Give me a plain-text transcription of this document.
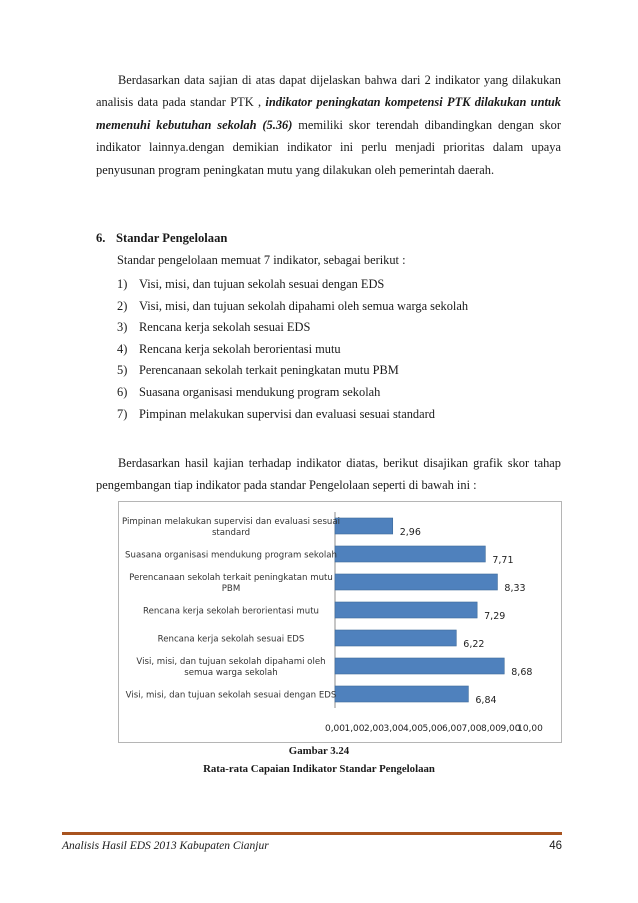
Berdasarkan data sajian di atas dapat dijelaskan bahwa dari 2 indikator yang dilakukan analisis data pada standar PTK , indikator peningkatan kompetensi PTK dilakukan untuk memenuhi kebutuhan sekolah (5.36) memiliki skor terendah dibandingkan dengan skor indikator lainnya.dengan demikian indikator ini perlu menjadi prioritas dalam upaya penyusunan program peningkatan mutu yang dilakukan oleh pemerintah daerah.
6. Standar Pengelolaan
Standar pengelolaan memuat 7 indikator, sebagai berikut :
1) Visi, misi, dan tujuan sekolah sesuai dengan EDS
2) Visi, misi, dan tujuan sekolah dipahami oleh semua warga sekolah
3) Rencana kerja sekolah sesuai EDS
4) Rencana kerja sekolah berorientasi mutu
5) Perencanaan sekolah terkait peningkatan mutu PBM
6) Suasana organisasi mendukung program sekolah
7) Pimpinan melakukan supervisi dan evaluasi sesuai standard
Berdasarkan hasil kajian terhadap indikator diatas, berikut disajikan grafik skor tahap pengembangan tiap indikator pada standar Pengelolaan seperti di bawah ini :
2,96
Pimpinan melakukan supervisi dan evaluasi sesuai standard
7,71
Suasana organisasi mendukung program sekolah
8,33
Perencanaan sekolah terkait peningkatan mutu PBM
7,29
Rencana kerja sekolah berorientasi mutu
6,22
Rencana kerja sekolah sesuai EDS
8,68
Visi, misi, dan tujuan sekolah dipahami oleh semua warga sekolah
6,84
Visi, misi, dan tujuan sekolah sesuai dengan EDS
0,00 1,00 2,00 3,00 4,00 5,00 6,00 7,00 8,00 9,00
10,00
Gambar 3.24
Rata-rata Capaian Indikator Standar Pengelolaan
Analisis Hasil EDS 2013 Kabupaten Cianjur	46
